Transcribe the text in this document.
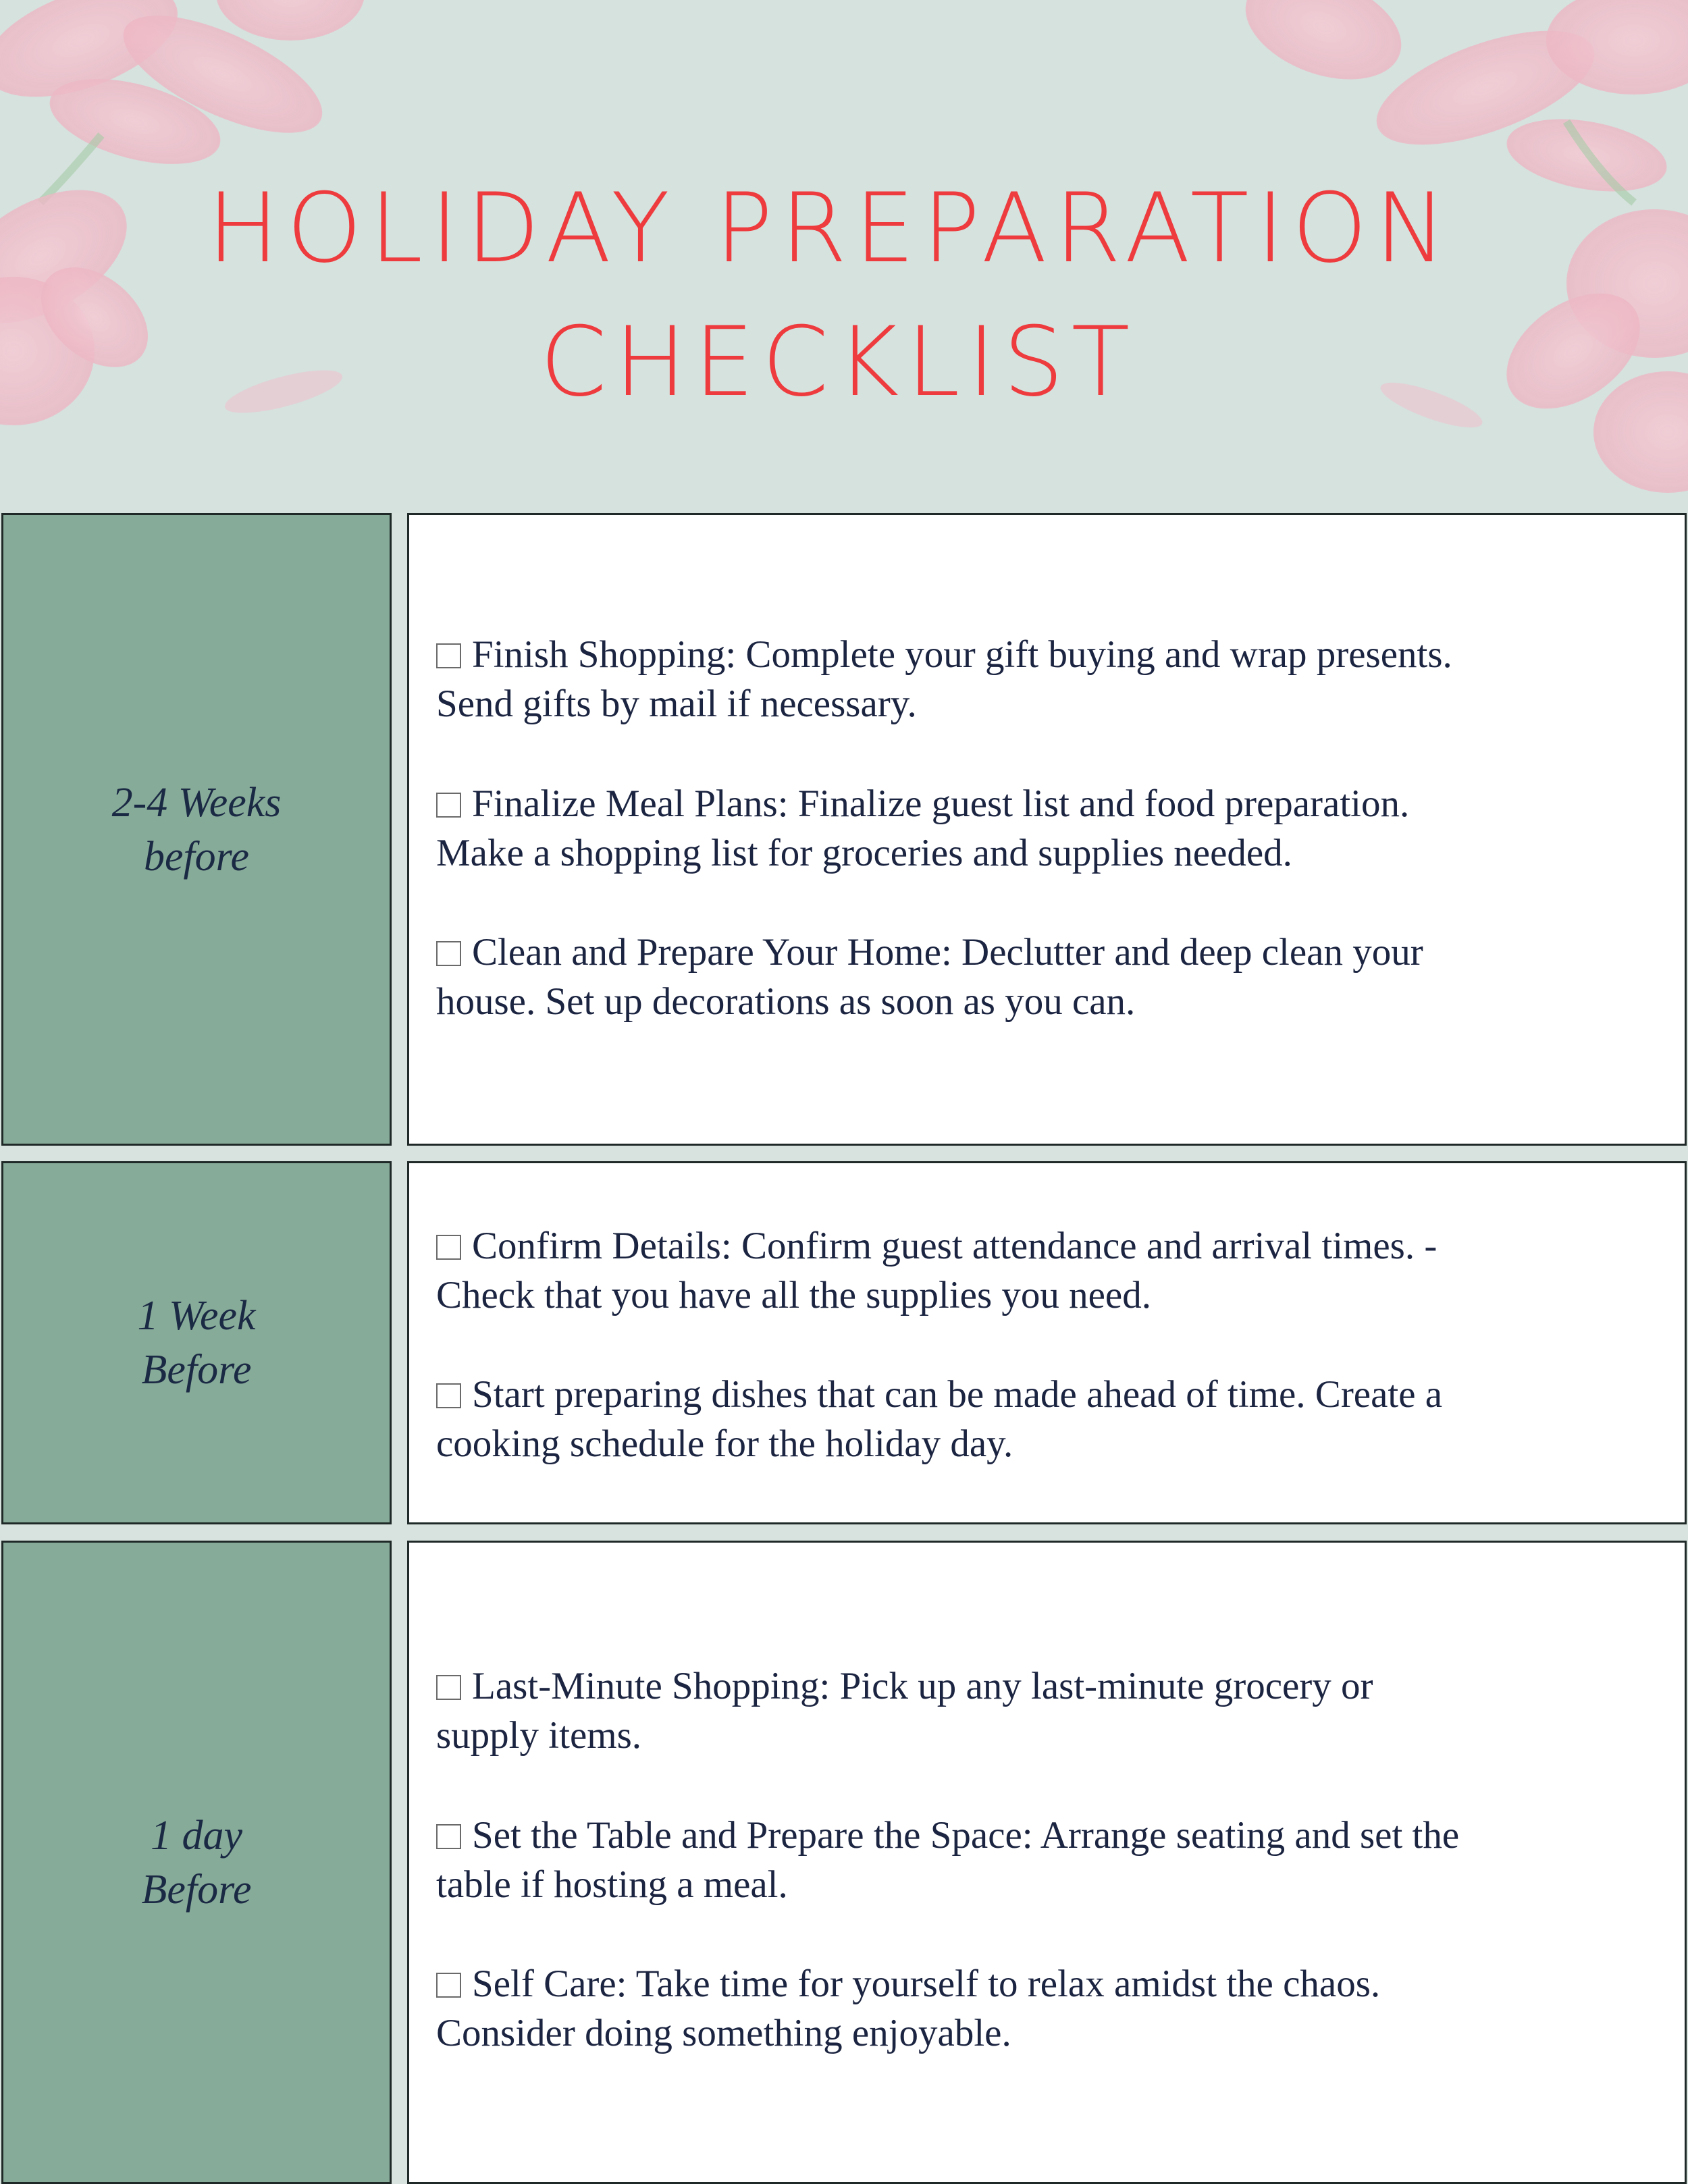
HOLIDAY PREPARATION
CHECKLIST
2-4 Weeks
before
Finish Shopping: Complete your gift buying and wrap presents.
Send gifts by mail if necessary.
Finalize Meal Plans: Finalize guest list and food preparation.
Make a shopping list for groceries and supplies needed.
Clean and Prepare Your Home: Declutter and deep clean your
house. Set up decorations as soon as you can.
1 Week
Before
Confirm Details: Confirm guest attendance and arrival times. -
Check that you have all the supplies you need.
Start preparing dishes that can be made ahead of time. Create a
cooking schedule for the holiday day.
1 day
Before
Last-Minute Shopping: Pick up any last-minute grocery or
supply items.
Set the Table and Prepare the Space: Arrange seating and set the
table if hosting a meal.
Self Care: Take time for yourself to relax amidst the chaos.
Consider doing something enjoyable.
